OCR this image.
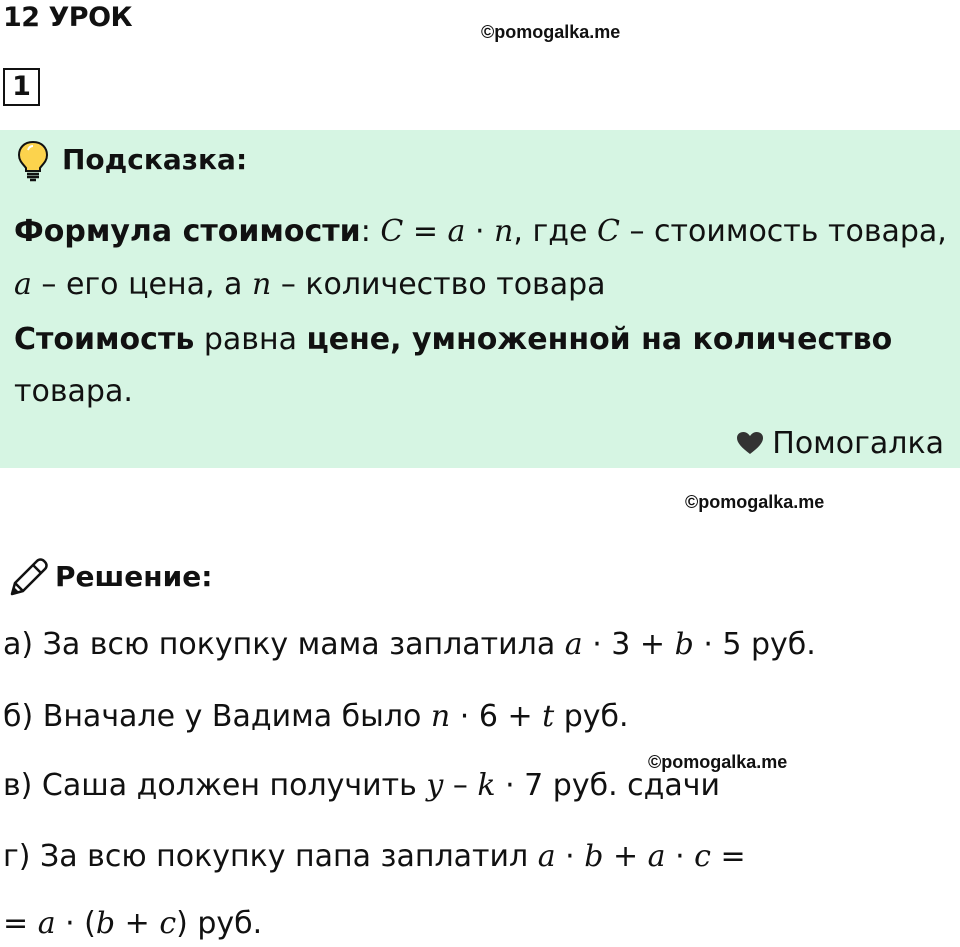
12 УРОК	©pomogalka.me
1
Подсказка:
Формула стоимости: C = a · n, где C – стоимость товара,
a – его цена, а n – количество товара
Стоимость равна цене, умноженной на количество
товара.
Помогалка
©pomogalka.me
Решение:
а) За всю покупку мама заплатила a · 3 + b · 5 руб.
б) Вначале у Вадима было n · 6 + t руб.
©pomogalka.me
в) Саша должен получить y – k · 7 руб. сдачи
г) За всю покупку папа заплатил a · b + a · c =
= a · (b + c) руб.
